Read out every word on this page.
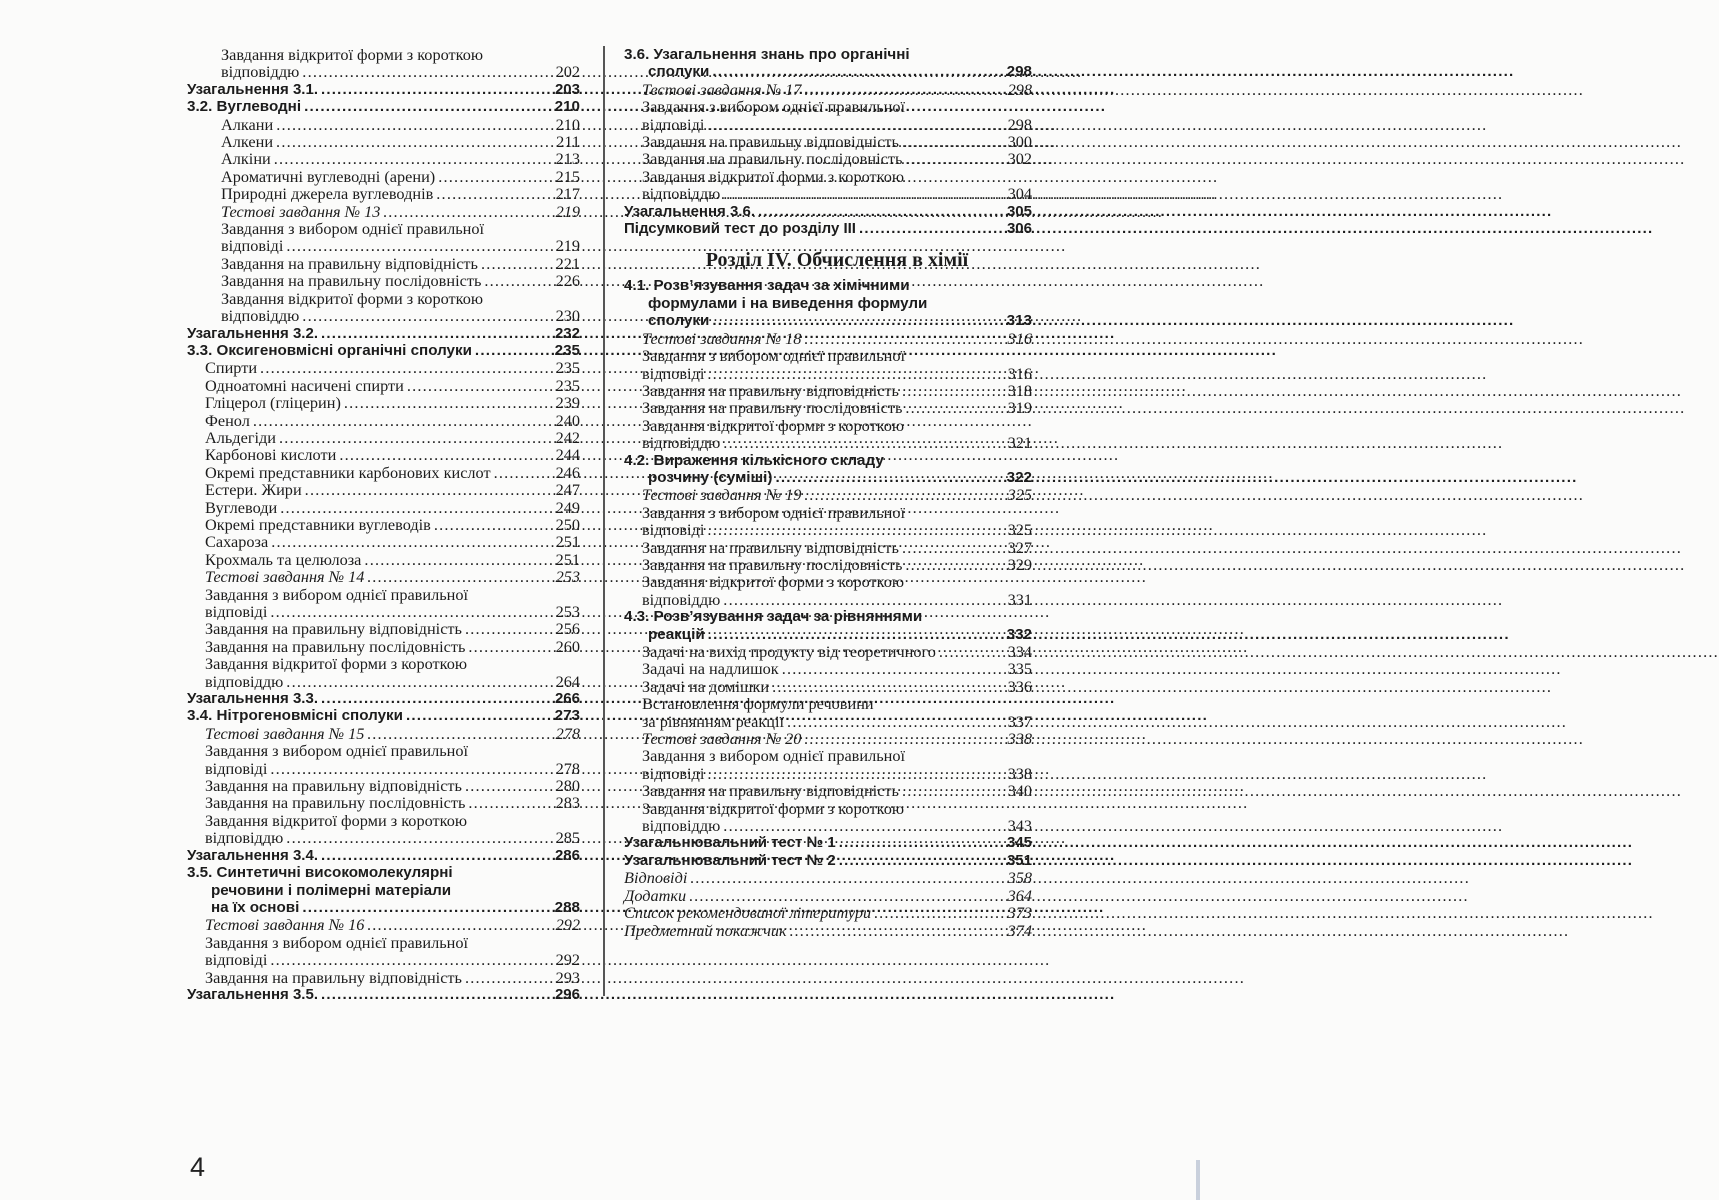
Завдання відкритої форми з короткою
відповіддю .....	202
Узагальнення 3.1. .....	203
3.2. Вуглеводні .....	210
Алкани .....	210
Алкени .....	211
Алкіни .....	213
Ароматичні вуглеводні (арени) .....	215
Природні джерела вуглеводнів .....	217
Тестові завдання № 13 .....	219
Завдання з вибором однієї правильної
відповіді .....	219
Завдання на правильну відповідність .....	221
Завдання на правильну послідовність .....	226
Завдання відкритої форми з короткою
відповіддю .....	230
Узагальнення 3.2. .....	232
3.3. Оксигеновмісні органічні сполуки .....	235
Спирти .....	235
Одноатомні насичені спирти .....	235
Гліцерол (гліцерин) .....	239
Фенол .....	240
Альдегіди .....	242
Карбонові кислоти .....	244
Окремі представники карбонових кислот .....	246
Естери. Жири .....	247
Вуглеводи .....	249
Окремі представники вуглеводів .....	250
Сахароза .....	251
Крохмаль та целюлоза .....	251
Тестові завдання № 14 .....	253
Завдання з вибором однієї правильної
відповіді .....	253
Завдання на правильну відповідність .....	256
Завдання на правильну послідовність .....	260
Завдання відкритої форми з короткою
відповіддю .....	264
Узагальнення 3.3. .....	266
3.4. Нітрогеновмісні сполуки .....	273
Тестові завдання № 15 .....	278
Завдання з вибором однієї правильної
відповіді .....	278
Завдання на правильну відповідність .....	280
Завдання на правильну послідовність .....	283
Завдання відкритої форми з короткою
відповіддю .....	285
Узагальнення 3.4. .....	286
3.5. Синтетичні високомолекулярні
речовини і полімерні матеріали
на їх основі .....	288
Тестові завдання № 16 .....	292
Завдання з вибором однієї правильної
відповіді .....	292
Завдання на правильну відповідність .....	293
Узагальнення 3.5. .....	296
3.6. Узагальнення знань про органічні
сполуки .....	298
Тестові завдання № 17 .....	298
Завдання з вибором однієї правильної
відповіді .....	298
Завдання на правильну відповідність .....	300
Завдання на правильну послідовність .....	302
Завдання відкритої форми з короткою
відповіддю .....	304
Узагальнення 3.6. .....	305
Підсумковий тест до розділу ІІІ .....	306
Розділ IV. Обчислення в хімії
4.1. Розв’язування задач за хімічними
формулами і на виведення формули
сполуки .....	313
Тестові завдання № 18 .....	316
Завдання з вибором однієї правильної
відповіді .....	316
Завдання на правильну відповідність .....	318
Завдання на правильну послідовність .....	319
Завдання відкритої форми з короткою
відповіддю .....	321
4.2. Вираження кількісного складу
розчину (суміші) .....	322
Тестові завдання № 19 .....	325
Завдання з вибором однієї правильної
відповіді .....	325
Завдання на правильну відповідність .....	327
Завдання на правильну послідовність .....	329
Завдання відкритої форми з короткою
відповіддю .....	331
4.3. Розв’язування задач за рівняннями
реакцій .....	332
Задачі на вихід продукту від теоретичного .....	334
Задачі на надлишок .....	335
Задачі на домішки .....	336
Встановлення формули речовини
за рівнянням реакції .....	337
Тестові завдання № 20 .....	338
Завдання з вибором однієї правильної
відповіді .....	338
Завдання на правильну відповідність .....	340
Завдання відкритої форми з короткою
відповіддю .....	343
Узагальнювальний тест № 1 .....	345
Узагальнювальний тест № 2 .....	351
Відповіді .....	358
Додатки .....	364
Список рекомендованої літератури .....	373
Предметний покажчик .....	374
4
